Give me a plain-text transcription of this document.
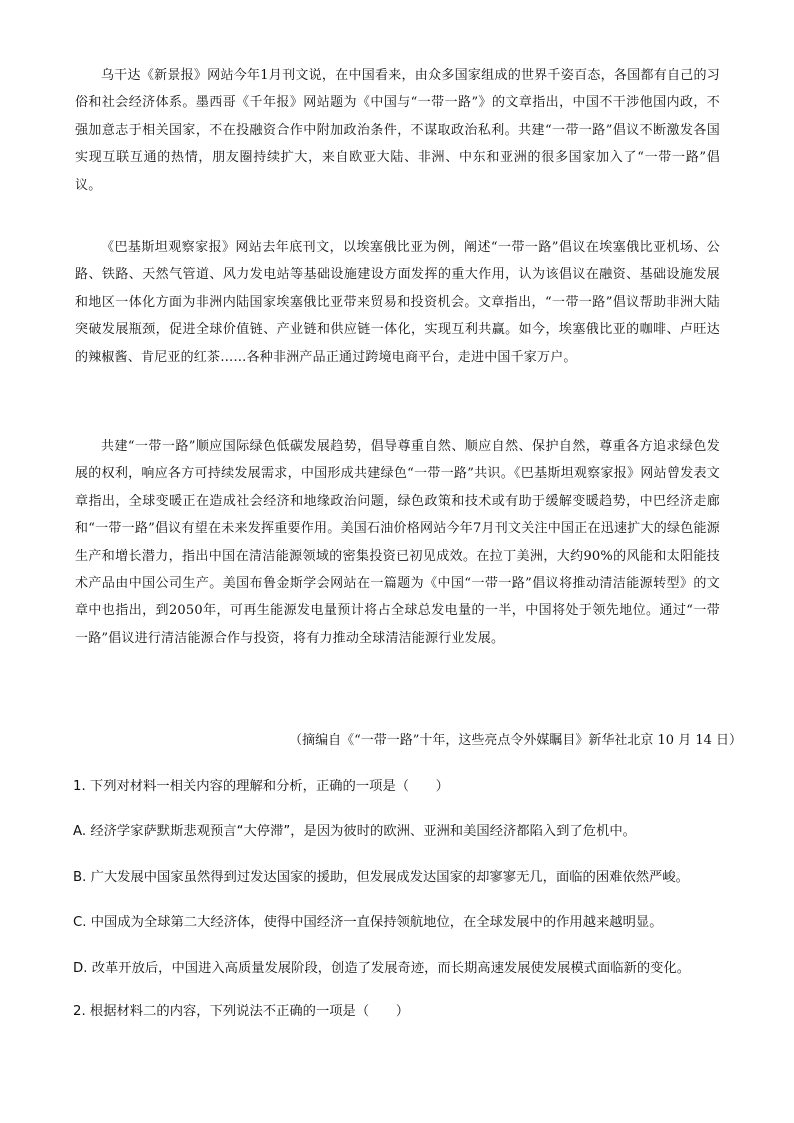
乌干达《新景报》网站今年1月刊文说，在中国看来，由众多国家组成的世界千姿百态，各国都有自己的习俗和社会经济体系。墨西哥《千年报》网站题为《中国与“一带一路”》的文章指出，中国不干涉他国内政，不强加意志于相关国家，不在投融资合作中附加政治条件，不谋取政治私利。共建“一带一路”倡议不断激发各国实现互联互通的热情，朋友圈持续扩大，来自欧亚大陆、非洲、中东和亚洲的很多国家加入了“一带一路”倡议。

《巴基斯坦观察家报》网站去年底刊文，以埃塞俄比亚为例，阐述“一带一路”倡议在埃塞俄比亚机场、公路、铁路、天然气管道、风力发电站等基础设施建设方面发挥的重大作用，认为该倡议在融资、基础设施发展和地区一体化方面为非洲内陆国家埃塞俄比亚带来贸易和投资机会。文章指出，“一带一路”倡议帮助非洲大陆突破发展瓶颈，促进全球价值链、产业链和供应链一体化，实现互利共赢。如今，埃塞俄比亚的咖啡、卢旺达的辣椒酱、肯尼亚的红茶……各种非洲产品正通过跨境电商平台，走进中国千家万户。

共建“一带一路”顺应国际绿色低碳发展趋势，倡导尊重自然、顺应自然、保护自然，尊重各方追求绿色发展的权利，响应各方可持续发展需求，中国形成共建绿色“一带一路”共识。《巴基斯坦观察家报》网站曾发表文章指出，全球变暖正在造成社会经济和地缘政治问题，绿色政策和技术或有助于缓解变暖趋势，中巴经济走廊和“一带一路”倡议有望在未来发挥重要作用。美国石油价格网站今年7月刊文关注中国正在迅速扩大的绿色能源生产和增长潜力，指出中国在清洁能源领域的密集投资已初见成效。在拉丁美洲，大约90%的风能和太阳能技术产品由中国公司生产。美国布鲁金斯学会网站在一篇题为《中国“一带一路”倡议将推动清洁能源转型》的文章中也指出，到2050年，可再生能源发电量预计将占全球总发电量的一半，中国将处于领先地位。通过“一带一路”倡议进行清洁能源合作与投资，将有力推动全球清洁能源行业发展。

（摘编自《“一带一路”十年，这些亮点令外媒瞩目》新华社北京 10 月 14 日）

1. 下列对材料一相关内容的理解和分析，正确的一项是（　　）

A. 经济学家萨默斯悲观预言“大停滞”，是因为彼时的欧洲、亚洲和美国经济都陷入到了危机中。

B. 广大发展中国家虽然得到过发达国家的援助，但发展成发达国家的却寥寥无几，面临的困难依然严峻。

C. 中国成为全球第二大经济体，使得中国经济一直保持领航地位，在全球发展中的作用越来越明显。

D. 改革开放后，中国进入高质量发展阶段，创造了发展奇迹，而长期高速发展使发展模式面临新的变化。

2. 根据材料二的内容，下列说法不正确的一项是（　　）
